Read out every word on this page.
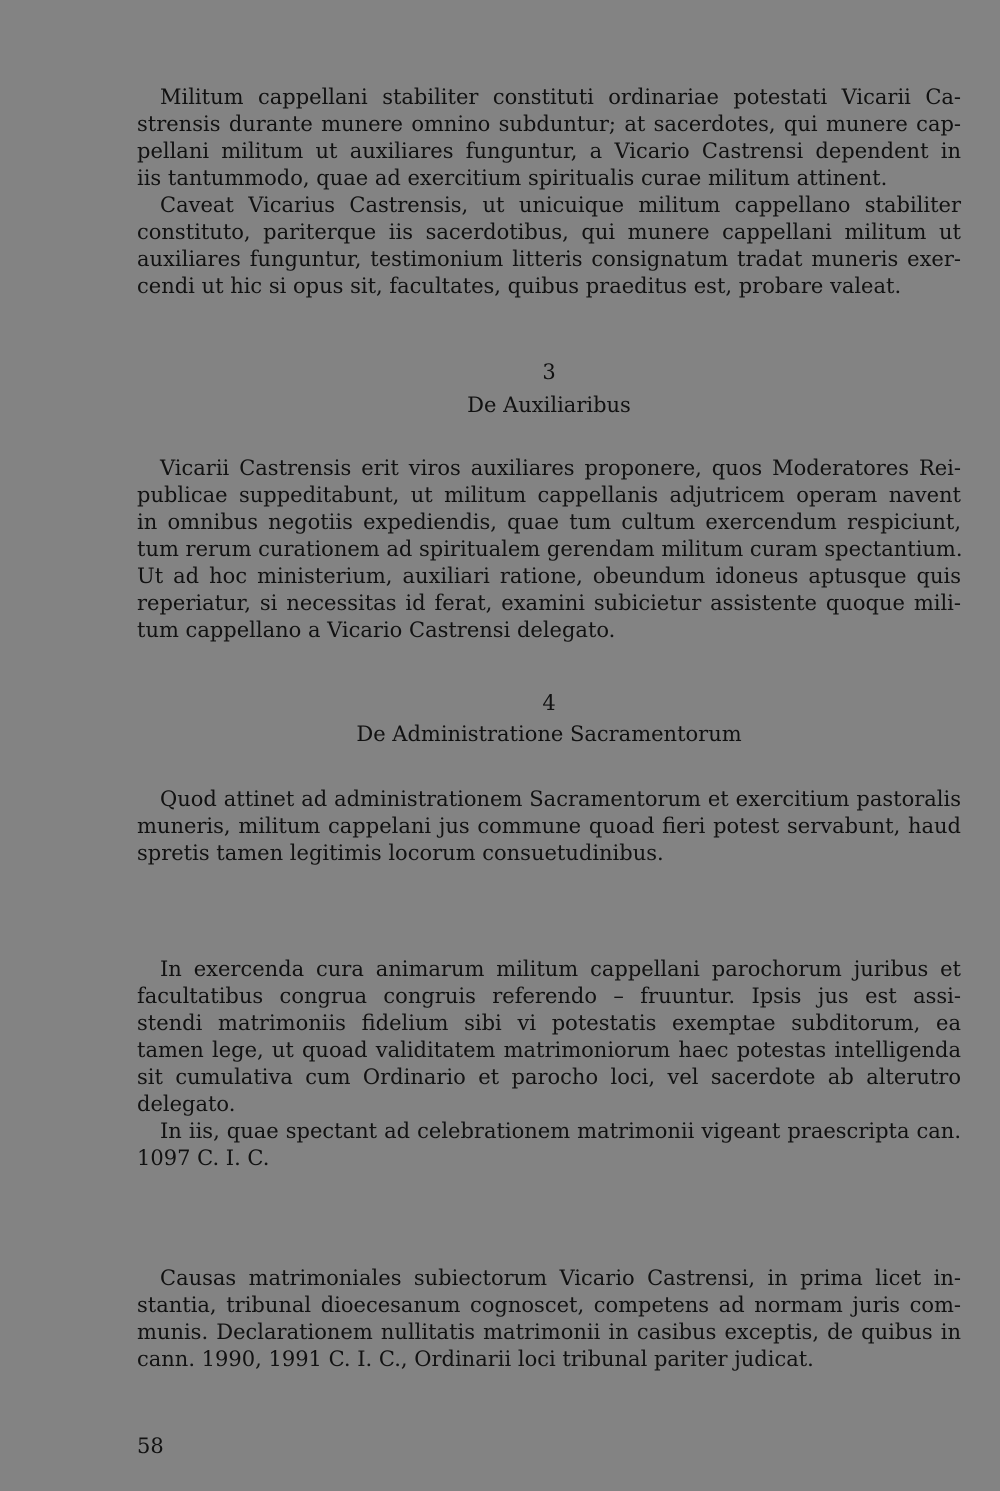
Militum cappellani stabiliter constituti ordinariae potestati Vicarii Ca-
strensis durante munere omnino subduntur; at sacerdotes, qui munere cap-
pellani militum ut auxiliares funguntur, a Vicario Castrensi dependent in
iis tantummodo, quae ad exercitium spiritualis curae militum attinent.
Caveat Vicarius Castrensis, ut unicuique militum cappellano stabiliter
constituto, pariterque iis sacerdotibus, qui munere cappellani militum ut
auxiliares funguntur, testimonium litteris consignatum tradat muneris exer-
cendi ut hic si opus sit, facultates, quibus praeditus est, probare valeat.
3
De Auxiliaribus
Vicarii Castrensis erit viros auxiliares proponere, quos Moderatores Rei-
publicae suppeditabunt, ut militum cappellanis adjutricem operam navent
in omnibus negotiis expediendis, quae tum cultum exercendum respiciunt,
tum rerum curationem ad spiritualem gerendam militum curam spectantium.
Ut ad hoc ministerium, auxiliari ratione, obeundum idoneus aptusque quis
reperiatur, si necessitas id ferat, examini subicietur assistente quoque mili-
tum cappellano a Vicario Castrensi delegato.
4
De Administratione Sacramentorum
Quod attinet ad administrationem Sacramentorum et exercitium pastoralis
muneris, militum cappelani jus commune quoad fieri potest servabunt, haud
spretis tamen legitimis locorum consuetudinibus.
In exercenda cura animarum militum cappellani parochorum juribus et
facultatibus congrua congruis referendo – fruuntur. Ipsis jus est assi-
stendi matrimoniis fidelium sibi vi potestatis exemptae subditorum, ea
tamen lege, ut quoad validitatem matrimoniorum haec potestas intelligenda
sit cumulativa cum Ordinario et parocho loci, vel sacerdote ab alterutro
delegato.
In iis, quae spectant ad celebrationem matrimonii vigeant praescripta can.
1097 C. I. C.
Causas matrimoniales subiectorum Vicario Castrensi, in prima licet in-
stantia, tribunal dioecesanum cognoscet, competens ad normam juris com-
munis. Declarationem nullitatis matrimonii in casibus exceptis, de quibus in
cann. 1990, 1991 C. I. C., Ordinarii loci tribunal pariter judicat.
58
